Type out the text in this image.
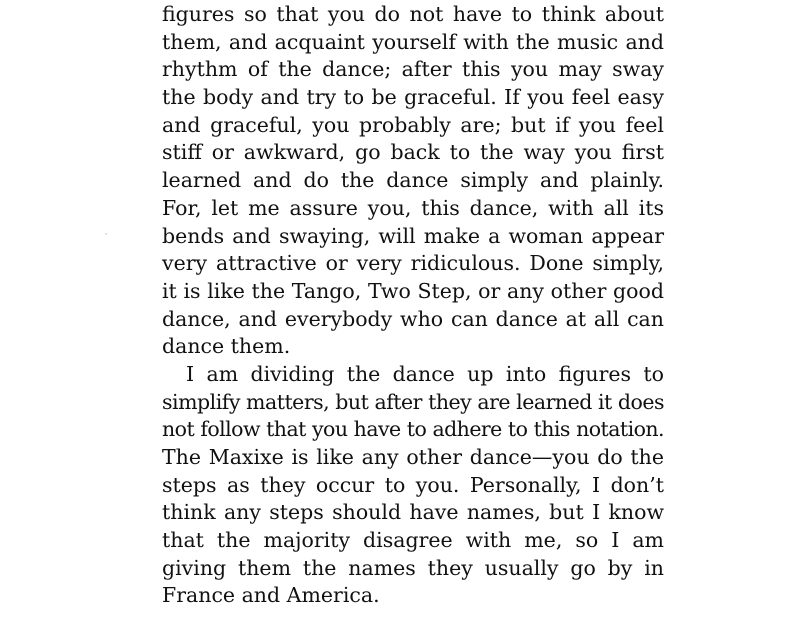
figures so that you do not have to think about
them, and acquaint yourself with the music and
rhythm of the dance; after this you may sway
the body and try to be graceful. If you feel easy
and graceful, you probably are; but if you feel
stiff or awkward, go back to the way you first
learned and do the dance simply and plainly.
For, let me assure you, this dance, with all its
bends and swaying, will make a woman appear
very attractive or very ridiculous. Done simply,
it is like the Tango, Two Step, or any other good
dance, and everybody who can dance at all can
dance them.
I am dividing the dance up into figures to
simplify matters, but after they are learned it does
not follow that you have to adhere to this notation.
The Maxixe is like any other dance—you do the
steps as they occur to you. Personally, I don’t
think any steps should have names, but I know
that the majority disagree with me, so I am
giving them the names they usually go by in
France and America.
